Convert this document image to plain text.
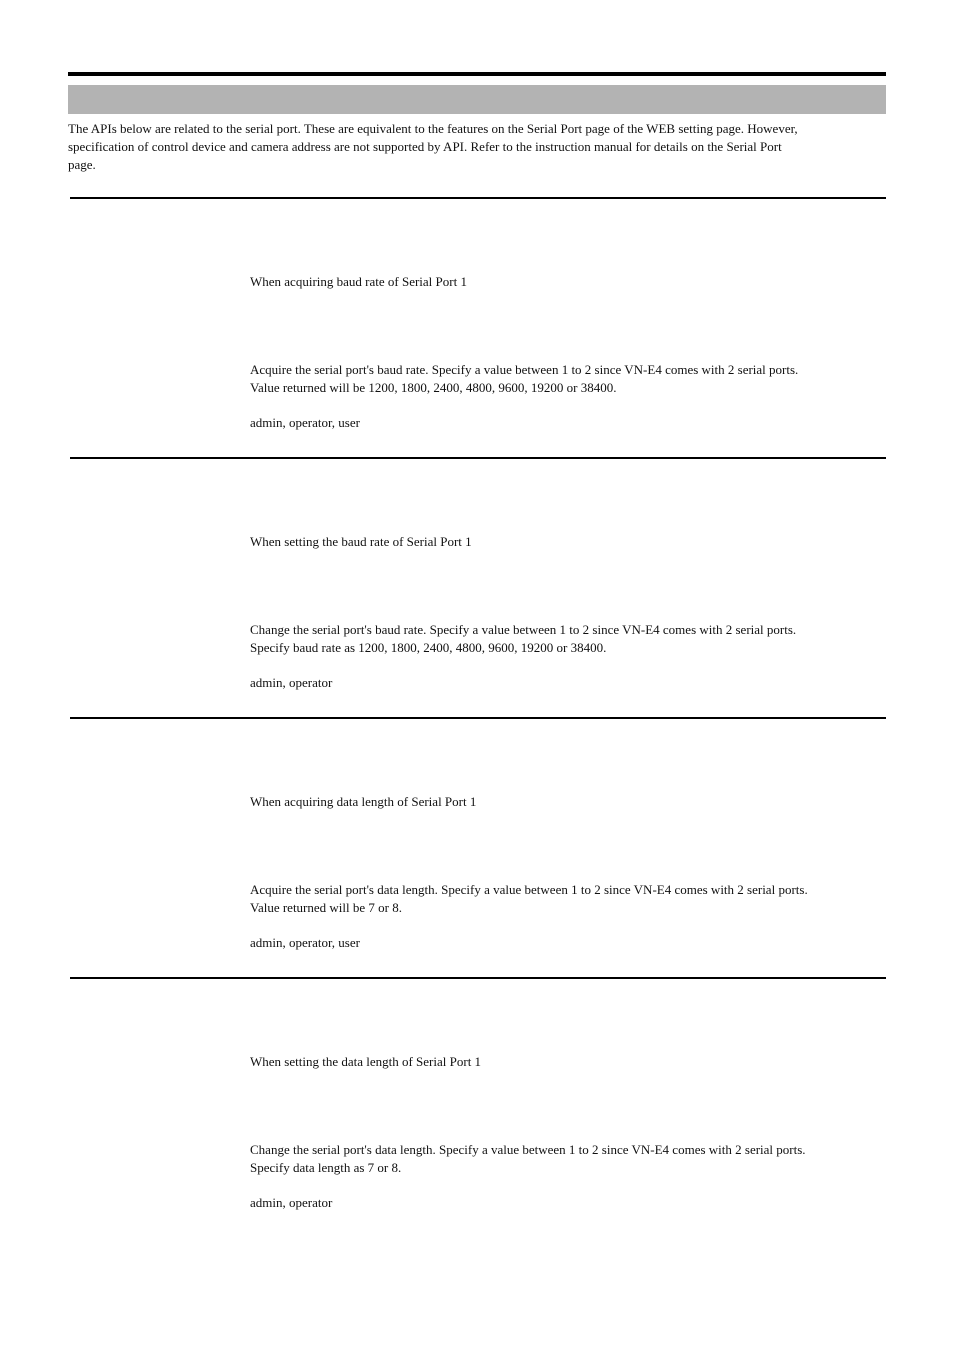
The APIs below are related to the serial port. These are equivalent to the features on the Serial Port page of the WEB setting page. However,
specification of control device and camera address are not supported by API. Refer to the instruction manual for details on the Serial Port
page.

When acquiring baud rate of Serial Port 1

Acquire the serial port's baud rate. Specify a value between 1 to 2 since VN-E4 comes with 2 serial ports.
Value returned will be 1200, 1800, 2400, 4800, 9600, 19200 or 38400.

admin, operator, user

When setting the baud rate of Serial Port 1

Change the serial port's baud rate. Specify a value between 1 to 2 since VN-E4 comes with 2 serial ports.
Specify baud rate as 1200, 1800, 2400, 4800, 9600, 19200 or 38400.

admin, operator

When acquiring data length of Serial Port 1

Acquire the serial port's data length. Specify a value between 1 to 2 since VN-E4 comes with 2 serial ports.
Value returned will be 7 or 8.

admin, operator, user

When setting the data length of Serial Port 1

Change the serial port's data length. Specify a value between 1 to 2 since VN-E4 comes with 2 serial ports.
Specify data length as 7 or 8.

admin, operator
